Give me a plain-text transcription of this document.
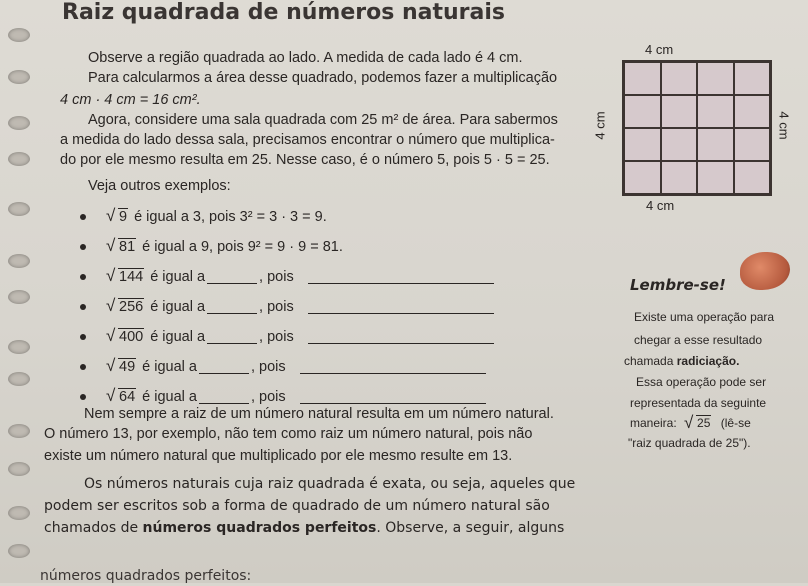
Raiz quadrada de números naturais
Observe a região quadrada ao lado. A medida de cada lado é 4 cm.
Para calcularmos a área desse quadrado, podemos fazer a multiplicação
4 cm · 4 cm = 16 cm².
Agora, considere uma sala quadrada com 25 m² de área. Para sabermos
a medida do lado dessa sala, precisamos encontrar o número que multiplica-
do por ele mesmo resulta em 25. Nesse caso, é o número 5, pois 5 · 5 = 25.
Veja outros exemplos:
√ 9 é igual a 3, pois 3² = 3 · 3 = 9.
√ 81 é igual a 9, pois 9² = 9 · 9 = 81.
√ 144 é igual a	, pois
√ 256 é igual a	, pois
√ 400 é igual a	, pois
√ 49 é igual a	, pois
√ 64 é igual a	, pois
4 cm
4 cm	4 cm
4 cm
Lembre-se!
Existe uma operação para
chegar a esse resultado
chamada radiciação.
Essa operação pode ser
representada da seguinte
maneira: √ 25 (lê-se
"raiz quadrada de 25").
Nem sempre a raiz de um número natural resulta em um número natural.
O número 13, por exemplo, não tem como raiz um número natural, pois não
existe um número natural que multiplicado por ele mesmo resulte em 13.
Os números naturais cuja raiz quadrada é exata, ou seja, aqueles que
podem ser escritos sob a forma de quadrado de um número natural são
chamados de números quadrados perfeitos. Observe, a seguir, alguns
números quadrados perfeitos:
